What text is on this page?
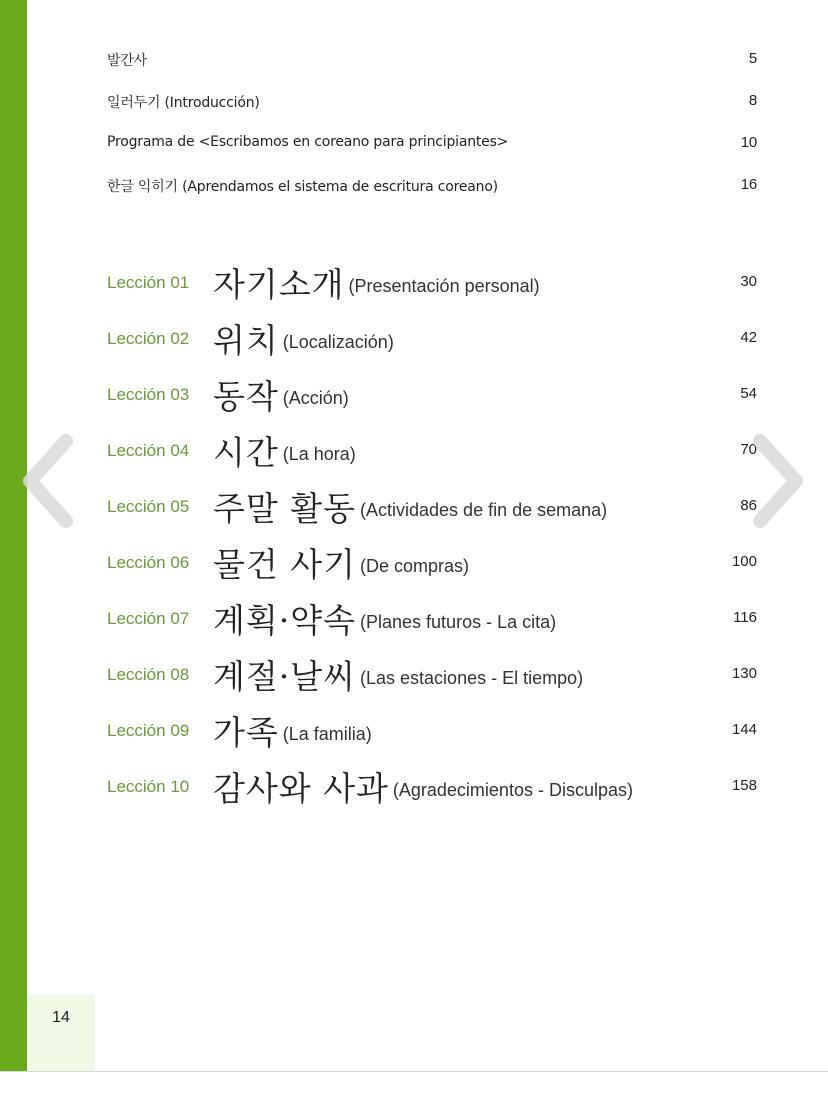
발간사	5
일러두기 (Introducción)	8
Programa de <Escribamos en coreano para principiantes>	10
한글 익히기 (Aprendamos el sistema de escritura coreano)	16
Lección 01 자기소개 (Presentación personal)	30
Lección 02 위치 (Localización)	42
Lección 03 동작 (Acción)	54
Lección 04 시간 (La hora)	70
Lección 05 주말 활동 (Actividades de fin de semana)	86
Lección 06 물건 사기 (De compras)	100
Lección 07 계획·약속 (Planes futuros - La cita)	116
Lección 08 계절·날씨 (Las estaciones - El tiempo)	130
Lección 09 가족 (La familia)	144
Lección 10 감사와 사과 (Agradecimientos - Disculpas)	158
14
